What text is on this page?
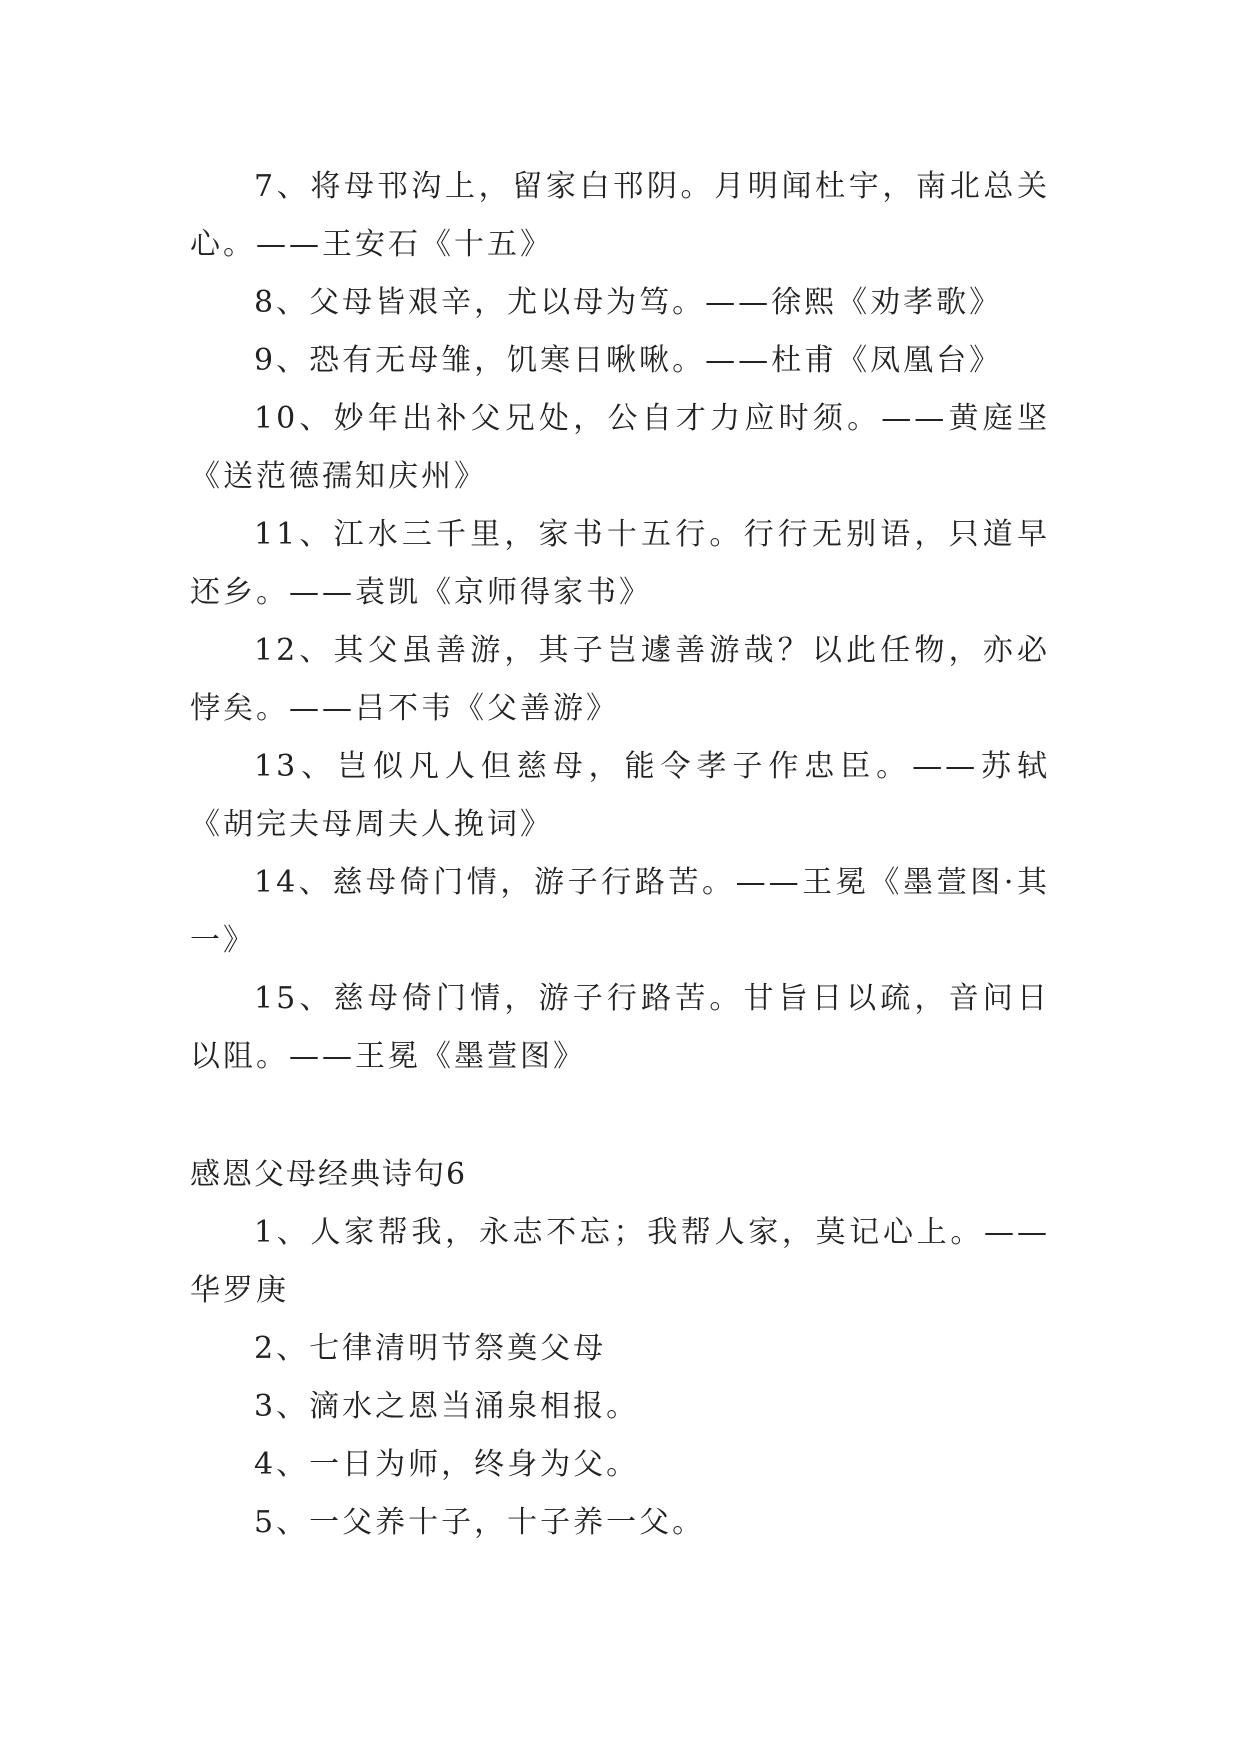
7、将母邗沟上，留家白邗阴。月明闻杜宇，南北总关心。——王安石《十五》

8、父母皆艰辛，尤以母为笃。——徐熙《劝孝歌》

9、恐有无母雏，饥寒日啾啾。——杜甫《凤凰台》

10、妙年出补父兄处，公自才力应时须。——黄庭坚《送范德孺知庆州》

11、江水三千里，家书十五行。行行无别语，只道早还乡。——袁凯《京师得家书》

12、其父虽善游，其子岂遽善游哉？以此任物，亦必悖矣。——吕不韦《父善游》

13、岂似凡人但慈母，能令孝子作忠臣。——苏轼《胡完夫母周夫人挽词》

14、慈母倚门情，游子行路苦。——王冕《墨萱图·其一》

15、慈母倚门情，游子行路苦。甘旨日以疏，音问日以阻。——王冕《墨萱图》

感恩父母经典诗句6

1、人家帮我，永志不忘；我帮人家，莫记心上。——华罗庚

2、七律清明节祭奠父母

3、滴水之恩当涌泉相报。

4、一日为师，终身为父。

5、一父养十子，十子养一父。
